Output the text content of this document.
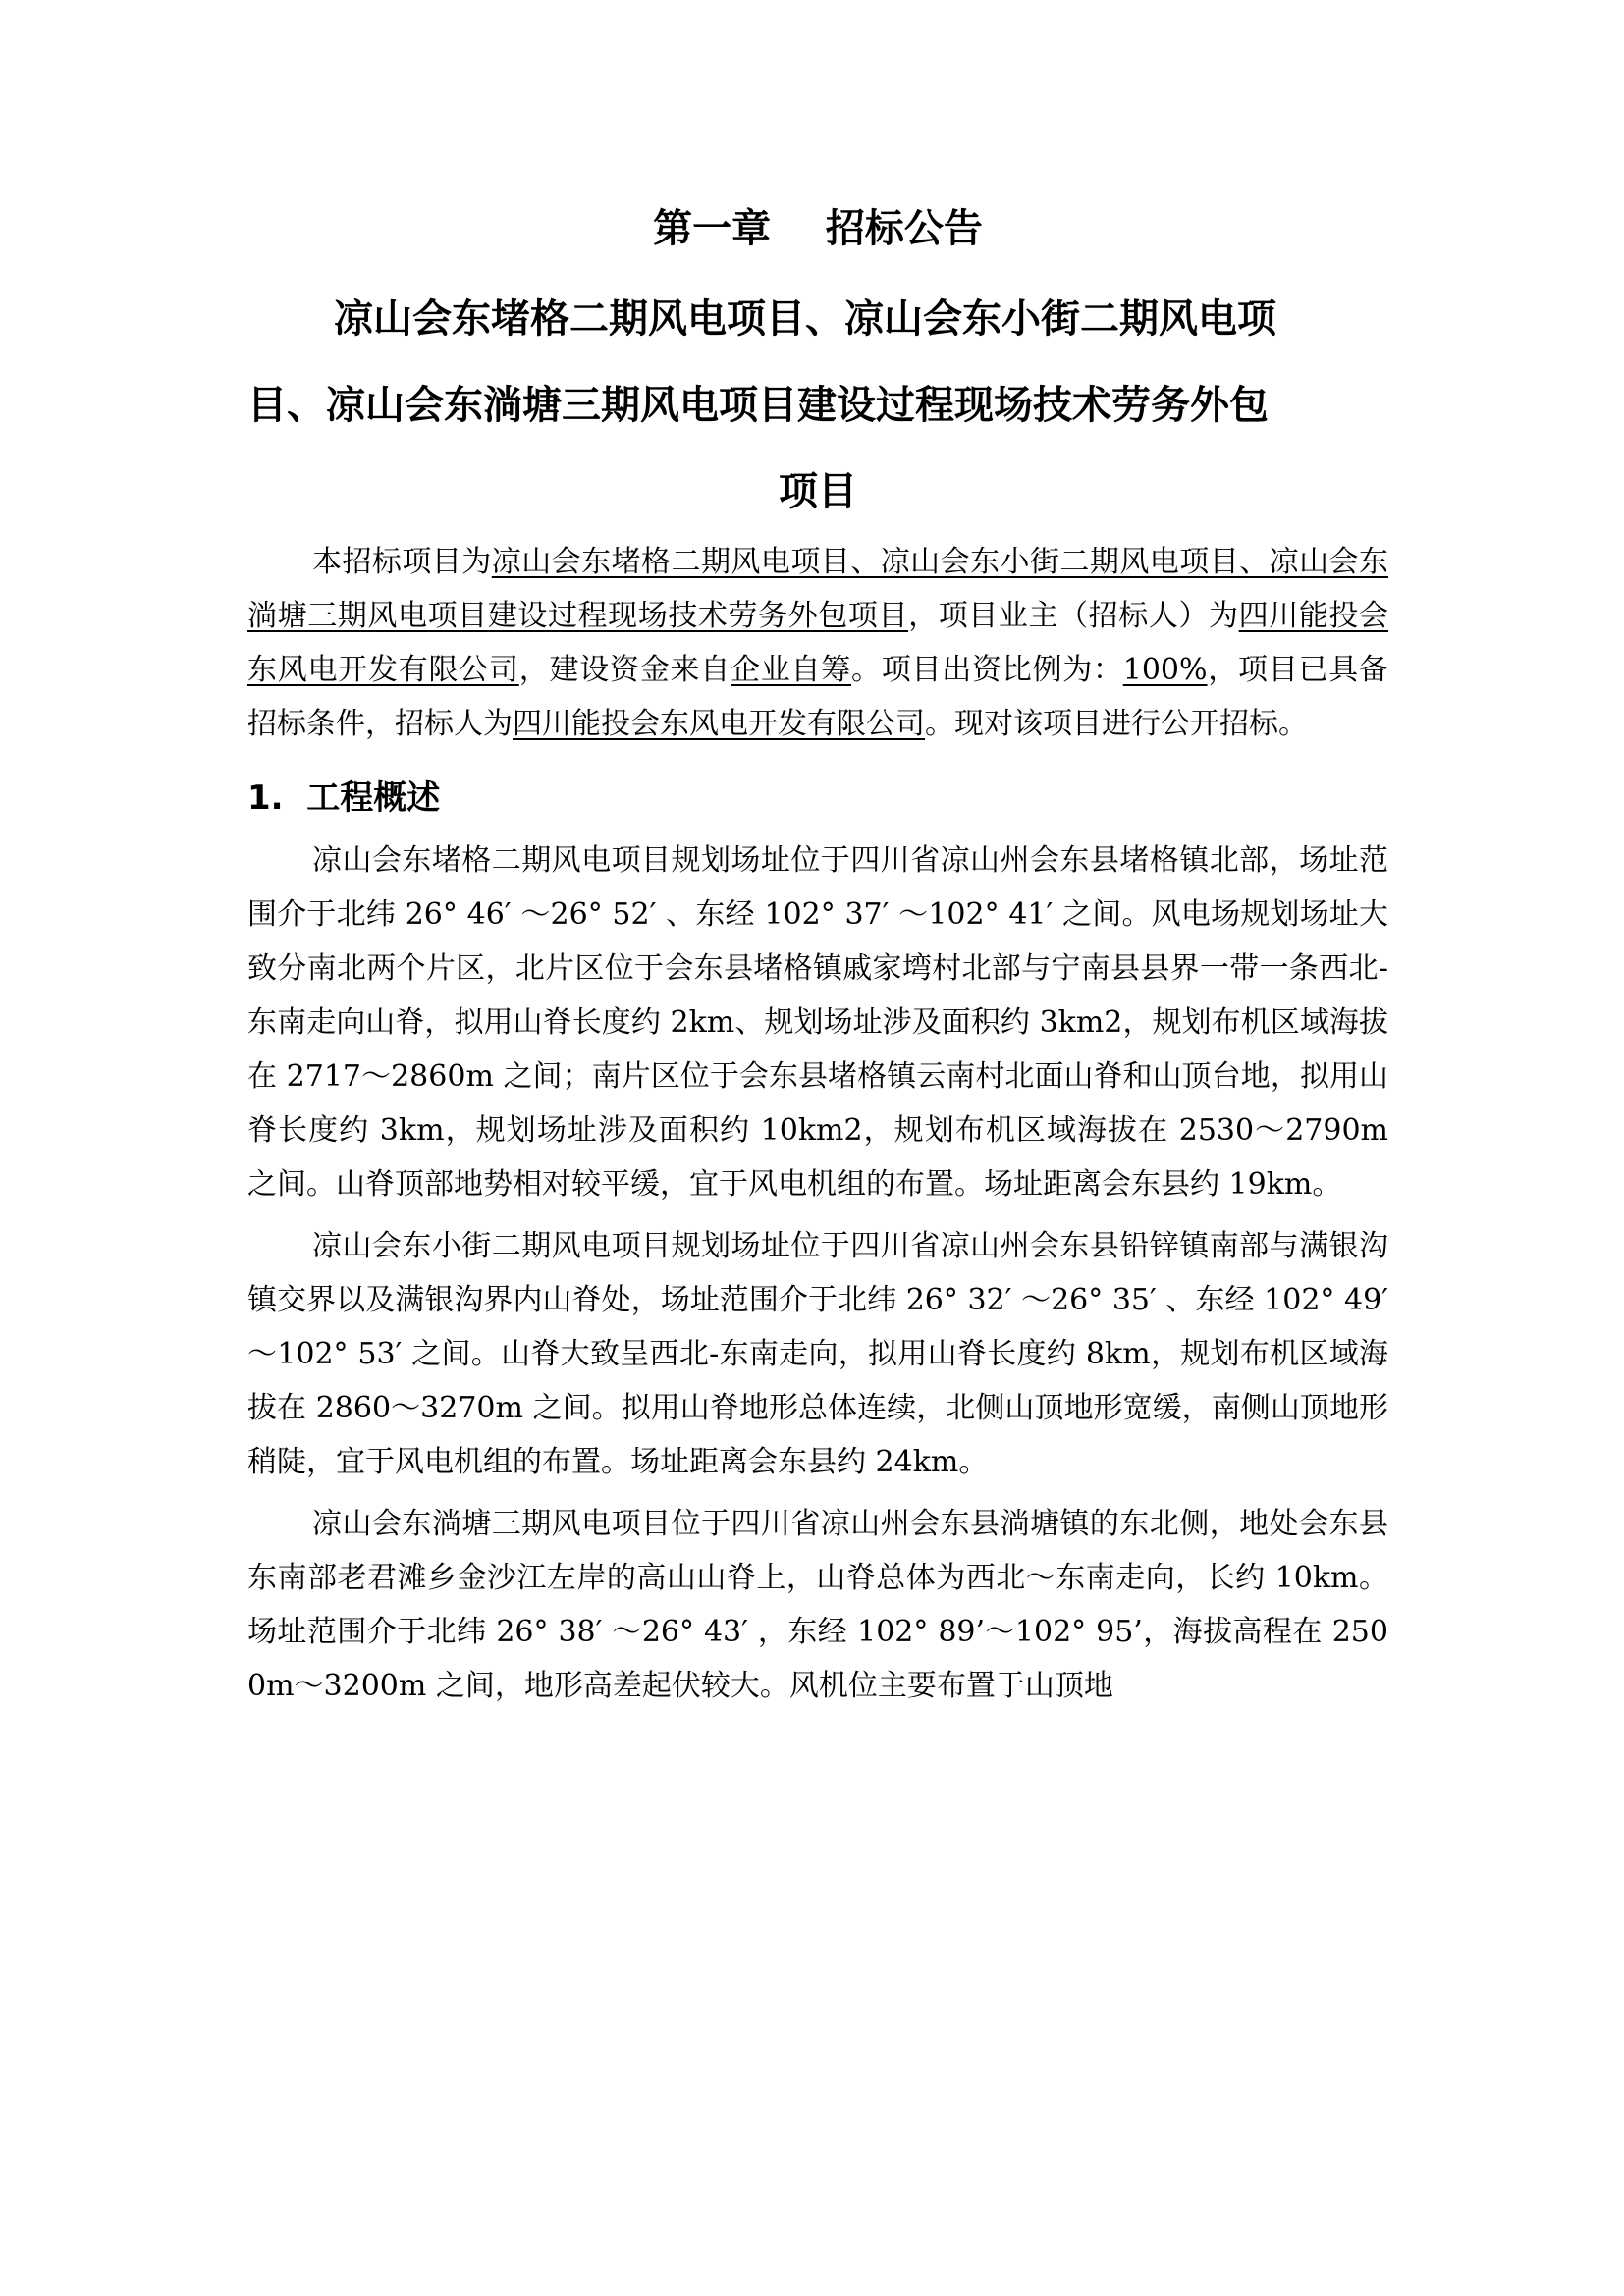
第一章    招标公告
凉山会东堵格二期风电项目、凉山会东小街二期风电项
目、凉山会东淌塘三期风电项目建设过程现场技术劳务外包
项目

本招标项目为凉山会东堵格二期风电项目、凉山会东小街二期风电项目、凉山会东淌塘三期风电项目建设过程现场技术劳务外包项目，项目业主（招标人）为四川能投会东风电开发有限公司，建设资金来自企业自筹。项目出资比例为：100%，项目已具备招标条件，招标人为四川能投会东风电开发有限公司。现对该项目进行公开招标。

1.  工程概述

凉山会东堵格二期风电项目规划场址位于四川省凉山州会东县堵格镇北部，场址范围介于北纬 26° 46′ ～26° 52′ 、东经 102° 37′ ～102° 41′ 之间。风电场规划场址大致分南北两个片区，北片区位于会东县堵格镇戚家塆村北部与宁南县县界一带一条西北-东南走向山脊，拟用山脊长度约 2km、规划场址涉及面积约 3km2，规划布机区域海拔在 2717～2860m 之间；南片区位于会东县堵格镇云南村北面山脊和山顶台地，拟用山脊长度约 3km，规划场址涉及面积约 10km2，规划布机区域海拔在 2530～2790m 之间。山脊顶部地势相对较平缓，宜于风电机组的布置。场址距离会东县约 19km。

凉山会东小街二期风电项目规划场址位于四川省凉山州会东县铅锌镇南部与满银沟镇交界以及满银沟界内山脊处，场址范围介于北纬 26° 32′ ～26° 35′ 、东经 102° 49′ ～102° 53′ 之间。山脊大致呈西北-东南走向，拟用山脊长度约 8km，规划布机区域海拔在 2860～3270m 之间。拟用山脊地形总体连续，北侧山顶地形宽缓，南侧山顶地形稍陡，宜于风电机组的布置。场址距离会东县约 24km。

凉山会东淌塘三期风电项目位于四川省凉山州会东县淌塘镇的东北侧，地处会东县东南部老君滩乡金沙江左岸的高山山脊上，山脊总体为西北～东南走向，长约 10km。场址范围介于北纬 26° 38′ ～26° 43′ ，东经 102° 89’～102° 95’，海拔高程在 2500m～3200m 之间，地形高差起伏较大。风机位主要布置于山顶地
